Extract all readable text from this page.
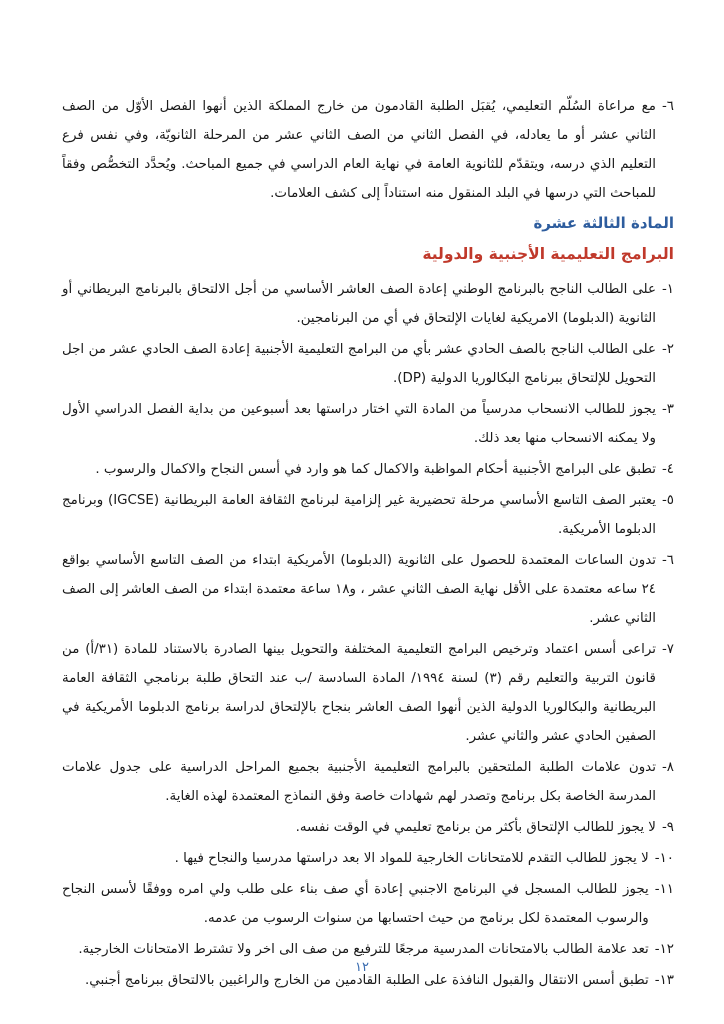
٦-
مع مراعاة السُلّم التعليمي، يُقبَل الطلبة القادمون من خارج المملكة الذين أنهوا الفصل الأوّل من الصف الثاني عشر أو ما يعادله، في الفصل الثاني من الصف الثاني عشر من المرحلة الثانويّة، وفي نفس فرع التعليم الذي درسه، ويتقدّم للثانوية العامة في نهاية العام الدراسي في جميع المباحث. ويُحدَّد التخصُّص وفقاً للمباحث التي درسها في البلد المنقول منه استناداً إلى كشف العلامات.
المادة الثالثة عشرة
البرامج التعليمية الأجنبية والدولية
١-
على الطالب الناجح بالبرنامج الوطني إعادة الصف العاشر الأساسي من أجل الالتحاق بالبرنامج البريطاني أو الثانوية (الدبلوما) الامريكية لغايات الإلتحاق في أي من البرنامجين.
٢-
على الطالب الناجح بالصف الحادي عشر بأي من البرامج التعليمية الأجنبية إعادة الصف الحادي عشر من اجل التحويل للإلتحاق ببرنامج البكالوريا الدولية (DP).
٣-
يجوز للطالب الانسحاب مدرسياً من المادة التي اختار دراستها بعد أسبوعين من بداية الفصل الدراسي الأول ولا يمكنه الانسحاب منها بعد ذلك.
٤-
تطبق على البرامج الأجنبية أحكام المواظبة والاكمال كما هو وارد في أسس النجاح والاكمال والرسوب .
٥-
يعتبر الصف التاسع الأساسي مرحلة تحضيرية غير إلزامية لبرنامج الثقافة العامة البريطانية (IGCSE) وبرنامج الدبلوما الأمريكية.
٦-
تدون الساعات المعتمدة للحصول على الثانوية (الدبلوما) الأمريكية ابتداء من الصف التاسع الأساسي بواقع ٢٤ ساعه معتمدة على الأقل نهاية الصف الثاني عشر ، و١٨ ساعة معتمدة ابتداء من الصف العاشر إلى الصف الثاني عشر.
٧-
تراعى أسس اعتماد وترخيص البرامج التعليمية المختلفة والتحويل بينها الصادرة بالاستناد للمادة (٣١/أ) من قانون التربية والتعليم رقم (٣) لسنة ١٩٩٤/ المادة السادسة /ب عند التحاق طلبة برنامجي الثقافة العامة البريطانية والبكالوريا الدولية الذين أنهوا الصف العاشر بنجاح بالإلتحاق لدراسة برنامج الدبلوما الأمريكية في الصفين الحادي عشر والثاني عشر.
٨-
تدون علامات الطلبة الملتحقين بالبرامج التعليمية الأجنبية بجميع المراحل الدراسية على جدول علامات المدرسة الخاصة بكل برنامج وتصدر لهم شهادات خاصة وفق النماذج المعتمدة لهذه الغاية.
٩-
لا يجوز للطالب الإلتحاق بأكثر من برنامج تعليمي في الوقت نفسه.
١٠-
لا يجوز للطالب التقدم للامتحانات الخارجية للمواد الا بعد دراستها مدرسيا والنجاح فيها .
١١-
يجوز للطالب المسجل في البرنامج الاجنبي إعادة أي صف بناء على طلب ولي امره ووفقًا لأسس النجاح والرسوب المعتمدة لكل برنامج من حيث احتسابها من سنوات الرسوب من عدمه.
١٢-
تعد علامة الطالب بالامتحانات المدرسية مرجعًا للترفيع من صف الى اخر ولا تشترط الامتحانات الخارجية.
١٣-
تطبق أسس الانتقال والقبول النافذة على الطلبة القادمين من الخارج والراغبين بالالتحاق ببرنامج أجنبي.
١٢
